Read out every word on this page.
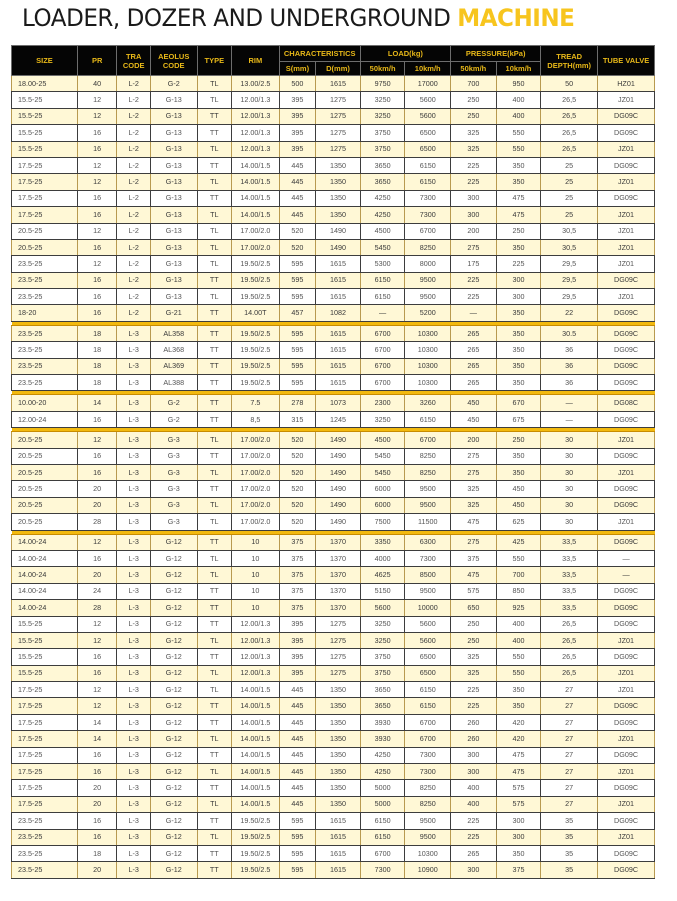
LOADER, DOZER AND UNDERGROUND MACHINE
SIZE	PR	TRA CODE	AEOLUS CODE	TYPE	RIM	CHARACTERISTICS		LOAD(kg)		PRESSURE(kPa)		TREAD DEPTH(mm)	TUBE VALVE
						S(mm)	D(mm)	50km/h	10km/h	50km/h	10km/h		
18.00-25	40	L-2	G-2	TL	13.00/2.5	500	1615	9750	17000	700	950	50	HZ01
15.5-25	12	L-2	G-13	TL	12.00/1.3	395	1275	3250	5600	250	400	26,5	JZ01
15.5-25	12	L-2	G-13	TT	12.00/1.3	395	1275	3250	5600	250	400	26,5	DG09C
15.5-25	16	L-2	G-13	TT	12.00/1.3	395	1275	3750	6500	325	550	26,5	DG09C
15.5-25	16	L-2	G-13	TL	12.00/1.3	395	1275	3750	6500	325	550	26,5	JZ01
17.5-25	12	L-2	G-13	TT	14.00/1.5	445	1350	3650	6150	225	350	25	DG09C
17.5-25	12	L-2	G-13	TL	14.00/1.5	445	1350	3650	6150	225	350	25	JZ01
17.5-25	16	L-2	G-13	TT	14.00/1.5	445	1350	4250	7300	300	475	25	DG09C
17.5-25	16	L-2	G-13	TL	14.00/1.5	445	1350	4250	7300	300	475	25	JZ01
20.5-25	12	L-2	G-13	TL	17.00/2.0	520	1490	4500	6700	200	250	30,5	JZ01
20.5-25	16	L-2	G-13	TL	17.00/2.0	520	1490	5450	8250	275	350	30,5	JZ01
23.5-25	12	L-2	G-13	TL	19.50/2.5	595	1615	5300	8000	175	225	29,5	JZ01
23.5-25	16	L-2	G-13	TT	19.50/2.5	595	1615	6150	9500	225	300	29,5	DG09C
23.5-25	16	L-2	G-13	TL	19.50/2.5	595	1615	6150	9500	225	300	29,5	JZ01
18-20	16	L-2	G-21	TT	14.00T	457	1082	—	5200	—	350	22	DG09C

23.5-25	18	L-3	AL358	TT	19.50/2.5	595	1615	6700	10300	265	350	30.5	DG09C
23.5-25	18	L-3	AL368	TT	19.50/2.5	595	1615	6700	10300	265	350	36	DG09C
23.5-25	18	L-3	AL369	TT	19.50/2.5	595	1615	6700	10300	265	350	36	DG09C
23.5-25	18	L-3	AL388	TT	19.50/2.5	595	1615	6700	10300	265	350	36	DG09C

10.00-20	14	L-3	G-2	TT	7.5	278	1073	2300	3260	450	670	—	DG08C
12.00-24	16	L-3	G-2	TT	8,5	315	1245	3250	6150	450	675	—	DG09C

20.5-25	12	L-3	G-3	TL	17.00/2.0	520	1490	4500	6700	200	250	30	JZ01
20.5-25	16	L-3	G-3	TT	17.00/2.0	520	1490	5450	8250	275	350	30	DG09C
20.5-25	16	L-3	G-3	TL	17.00/2.0	520	1490	5450	8250	275	350	30	JZ01
20.5-25	20	L-3	G-3	TT	17.00/2.0	520	1490	6000	9500	325	450	30	DG09C
20.5-25	20	L-3	G-3	TL	17.00/2.0	520	1490	6000	9500	325	450	30	DG09C
20.5-25	28	L-3	G-3	TL	17.00/2.0	520	1490	7500	11500	475	625	30	JZ01

14.00-24	12	L-3	G-12	TT	10	375	1370	3350	6300	275	425	33,5	DG09C
14.00-24	16	L-3	G-12	TL	10	375	1370	4000	7300	375	550	33,5	—
14.00-24	20	L-3	G-12	TL	10	375	1370	4625	8500	475	700	33,5	—
14.00-24	24	L-3	G-12	TT	10	375	1370	5150	9500	575	850	33,5	DG09C
14.00-24	28	L-3	G-12	TT	10	375	1370	5600	10000	650	925	33,5	DG09C
15.5-25	12	L-3	G-12	TT	12.00/1.3	395	1275	3250	5600	250	400	26,5	DG09C
15.5-25	12	L-3	G-12	TL	12.00/1.3	395	1275	3250	5600	250	400	26,5	JZ01
15.5-25	16	L-3	G-12	TT	12.00/1.3	395	1275	3750	6500	325	550	26,5	DG09C
15.5-25	16	L-3	G-12	TL	12.00/1.3	395	1275	3750	6500	325	550	26,5	JZ01
17.5-25	12	L-3	G-12	TL	14.00/1.5	445	1350	3650	6150	225	350	27	JZ01
17.5-25	12	L-3	G-12	TT	14.00/1.5	445	1350	3650	6150	225	350	27	DG09C
17.5-25	14	L-3	G-12	TT	14.00/1.5	445	1350	3930	6700	260	420	27	DG09C
17.5-25	14	L-3	G-12	TL	14.00/1.5	445	1350	3930	6700	260	420	27	JZ01
17.5-25	16	L-3	G-12	TT	14.00/1.5	445	1350	4250	7300	300	475	27	DG09C
17.5-25	16	L-3	G-12	TL	14.00/1.5	445	1350	4250	7300	300	475	27	JZ01
17.5-25	20	L-3	G-12	TT	14.00/1.5	445	1350	5000	8250	400	575	27	DG09C
17.5-25	20	L-3	G-12	TL	14.00/1.5	445	1350	5000	8250	400	575	27	JZ01
23.5-25	16	L-3	G-12	TT	19.50/2.5	595	1615	6150	9500	225	300	35	DG09C
23.5-25	16	L-3	G-12	TL	19.50/2.5	595	1615	6150	9500	225	300	35	JZ01
23.5-25	18	L-3	G-12	TT	19.50/2.5	595	1615	6700	10300	265	350	35	DG09C
23.5-25	20	L-3	G-12	TT	19.50/2.5	595	1615	7300	10900	300	375	35	DG09C
